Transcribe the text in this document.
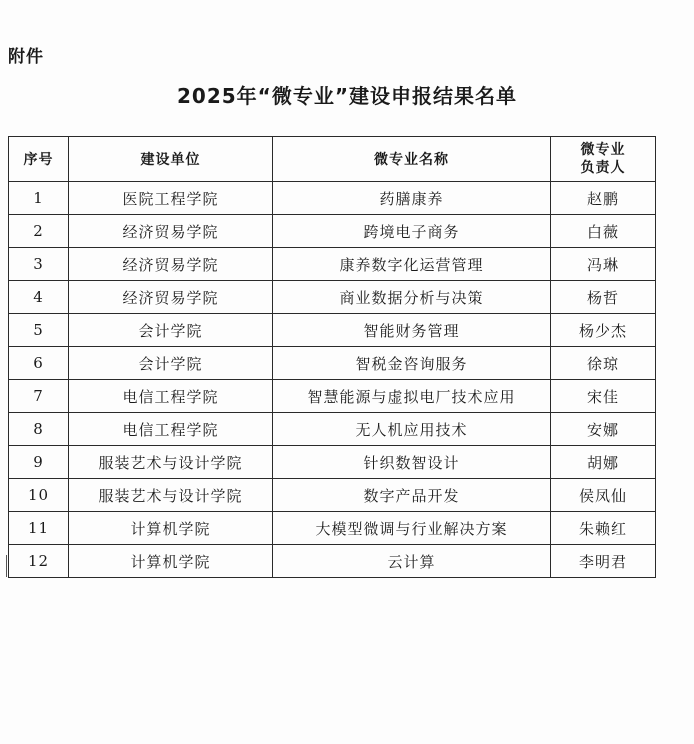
附件
2025年“微专业”建设申报结果名单
序号	建设单位	微专业名称	微专业
负责人

1	医院工程学院	药膳康养	赵鹏
2	经济贸易学院	跨境电子商务	白薇
3	经济贸易学院	康养数字化运营管理	冯琳
4	经济贸易学院	商业数据分析与决策	杨哲
5	会计学院	智能财务管理	杨少杰
6	会计学院	智税金咨询服务	徐琼
7	电信工程学院	智慧能源与虚拟电厂技术应用	宋佳
8	电信工程学院	无人机应用技术	安娜
9	服装艺术与设计学院	针织数智设计	胡娜
10	服装艺术与设计学院	数字产品开发	侯凤仙
11	计算机学院	大模型微调与行业解决方案	朱赖红
12	计算机学院	云计算	李明君
